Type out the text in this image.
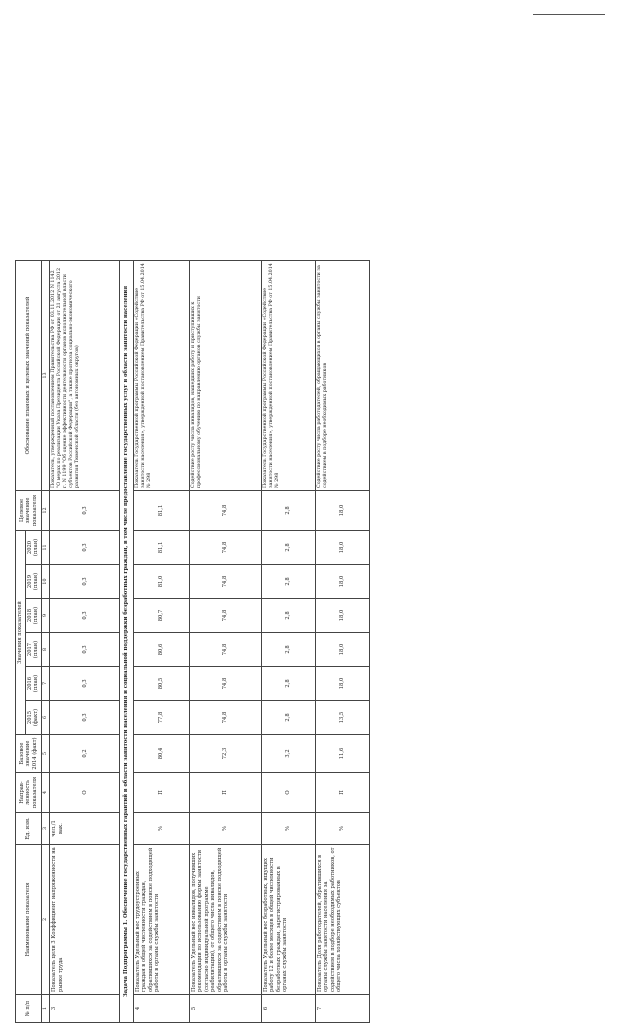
№ п/п	Наименование показателя	Ед. изм.	Направ-ленность показателя	Базовое значение 2014 (факт)	Значения показателей						Целевое значение показателя	Обоснование плановых и целевых значений показателей
					2015 (факт)	2016 (план)	2017 (план)	2018 (план)	2019 (план)	2020 (план)		
1	2	3	4	5	6	7	8	9	10	11	12	13
3	Показатель цели 3 Коэффициент напряженности на рынке труда	чел./1 вак.	О	0,2	0,3	0,3	0,3	0,3	0,3	0,3	0,3	Показатель, утвержденный постановлением Правительства РФ от 03.11.2012 N 1142 "О мерах по реализации Указа Президента Российской Федерации от 21 августа 2012 г. N 1199 "Об оценке эффективности деятельности органов исполнительной власти субъектов Российской Федерации", а также прогноза социально-экономического развития Тюменской области (без автономных округов)
Задача Подпрограммы 1. Обеспечение государственных гарантий в области занятости населения и социальной поддержки безработных граждан, в том числе предоставление государственных услуг в области занятости населения												
4	Показатель Удельный вес трудоустроенных граждан в общей численности граждан, обратившихся за содействием в поиске подходящей работы в органы службы занятости	%	П	80,4	77,8	80,5	80,6	80,7	81,0	81,1	81,1	Показатель Государственной программы Российской Федерации «Содействие занятости населения», утвержденной постановлением Правительства РФ от 15.04.2014 № 298
5	Показатель Удельный вес инвалидов, получивших рекомендации по использованию формы занятости (согласно индивидуальной программе реабилитации), от общего числа инвалидов, обратившихся за содействием в поиске подходящей работы в органы службы занятости	%	П	72,3	74,8	74,8	74,8	74,8	74,8	74,8	74,8	Содействие росту числа инвалидов, нашедших работу и приступивших к профессиональному обучению по направлению органов службы занятости
6	Показатель Удельный вес безработных, ищущих работу 12 и более месяцев в общей численности безработных граждан, зарегистрированных в органах службы занятости	%	О	3,2	2,8	2,8	2,8	2,8	2,8	2,8	2,8	Показатель Государственной программы Российской Федерации «Содействие занятости населения», утвержденной постановлением Правительства РФ от 15.04.2014 № 298
7	Показатель Доля работодателей, обратившихся в органы службы занятости населения за содействием в подборе необходимых работников, от общего числа хозяйствующих субъектов	%	П	11,6	13,5	18,0	18,0	18,0	18,0	18,0	18,0	Содействие росту числа работодателей, обращающихся в органы службы занятости за содействием в подборе необходимых работников
